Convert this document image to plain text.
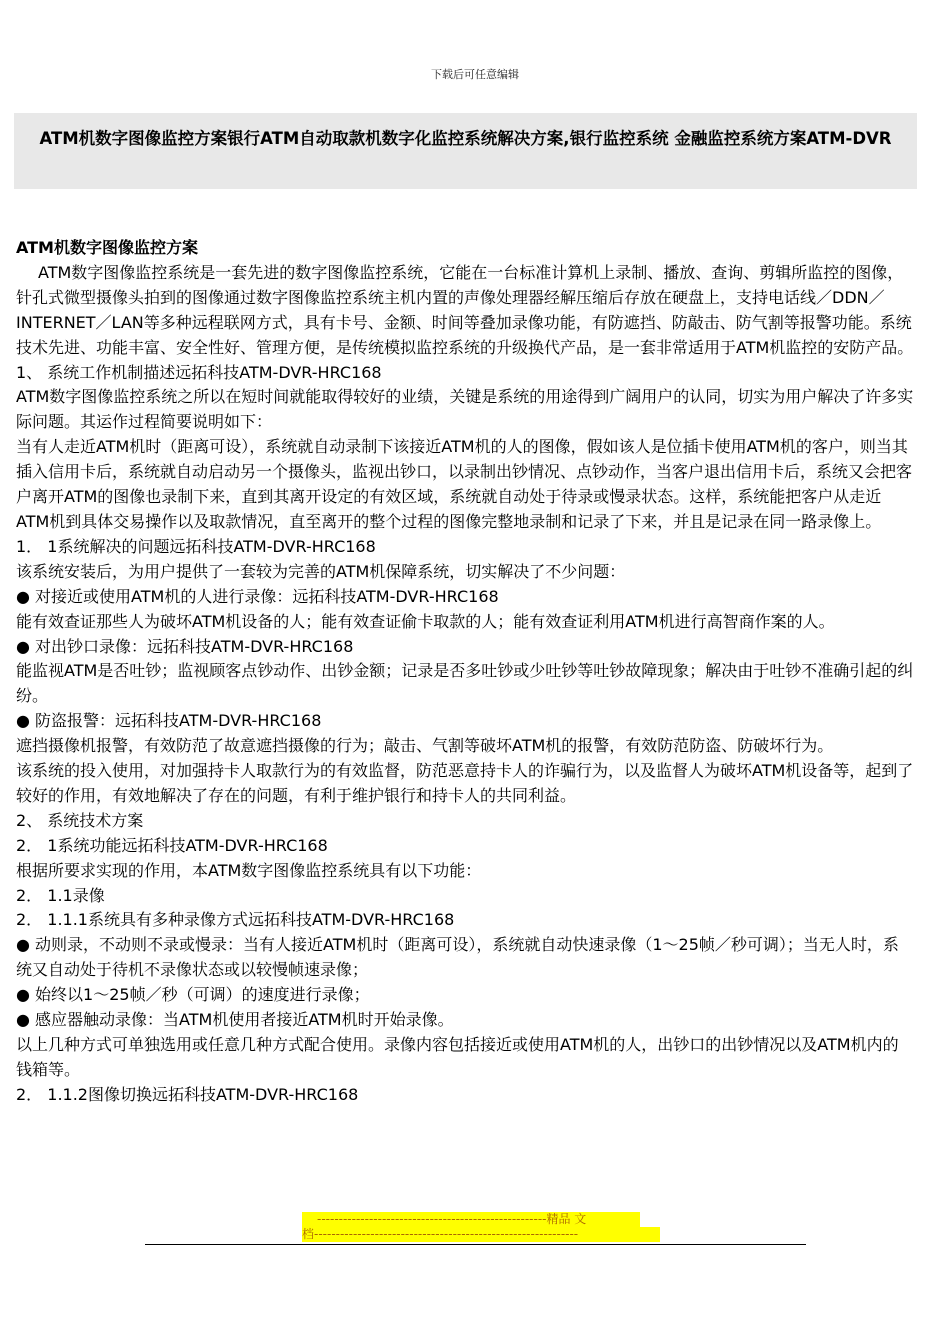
下载后可任意编辑
ATM机数字图像监控方案银行ATM自动取款机数字化监控系统解决方案,银行监控系统 金融监控系统方案ATM-DVR

ATM机数字图像监控方案

ATM数字图像监控系统是一套先进的数字图像监控系统，它能在一台标准计算机上录制、播放、查询、剪辑所监控的图像，针孔式微型摄像头拍到的图像通过数字图像监控系统主机内置的声像处理器经解压缩后存放在硬盘上，支持电话线／DDN／INTERNET／LAN等多种远程联网方式，具有卡号、金额、时间等叠加录像功能，有防遮挡、防敲击、防气割等报警功能。系统技术先进、功能丰富、安全性好、管理方便，是传统模拟监控系统的升级换代产品，是一套非常适用于ATM机监控的安防产品。

1、 系统工作机制描述远拓科技ATM-DVR-HRC168

ATM数字图像监控系统之所以在短时间就能取得较好的业绩，关键是系统的用途得到广阔用户的认同，切实为用户解决了许多实际问题。其运作过程简要说明如下：

当有人走近ATM机时（距离可设），系统就自动录制下该接近ATM机的人的图像，假如该人是位插卡使用ATM机的客户，则当其插入信用卡后，系统就自动启动另一个摄像头，监视出钞口，以录制出钞情况、点钞动作，当客户退出信用卡后，系统又会把客户离开ATM的图像也录制下来，直到其离开设定的有效区域，系统就自动处于待录或慢录状态。这样，系统能把客户从走近ATM机到具体交易操作以及取款情况，直至离开的整个过程的图像完整地录制和记录了下来，并且是记录在同一路录像上。

1． 1系统解决的问题远拓科技ATM-DVR-HRC168

该系统安装后，为用户提供了一套较为完善的ATM机保障系统，切实解决了不少问题：

● 对接近或使用ATM机的人进行录像：远拓科技ATM-DVR-HRC168

能有效查证那些人为破坏ATM机设备的人；能有效查证偷卡取款的人；能有效查证利用ATM机进行高智商作案的人。

● 对出钞口录像：远拓科技ATM-DVR-HRC168

能监视ATM是否吐钞；监视顾客点钞动作、出钞金额；记录是否多吐钞或少吐钞等吐钞故障现象；解决由于吐钞不准确引起的纠纷。

● 防盗报警：远拓科技ATM-DVR-HRC168

遮挡摄像机报警，有效防范了故意遮挡摄像的行为；敲击、气割等破坏ATM机的报警，有效防范防盗、防破坏行为。

该系统的投入使用，对加强持卡人取款行为的有效监督，防范恶意持卡人的诈骗行为，以及监督人为破坏ATM机设备等，起到了较好的作用，有效地解决了存在的问题，有利于维护银行和持卡人的共同利益。

2、 系统技术方案

2． 1系统功能远拓科技ATM-DVR-HRC168

根据所要求实现的作用，本ATM数字图像监控系统具有以下功能：

2． 1.1录像

2． 1.1.1系统具有多种录像方式远拓科技ATM-DVR-HRC168

● 动则录，不动则不录或慢录：当有人接近ATM机时（距离可设），系统就自动快速录像（1～25帧／秒可调）；当无人时，系统又自动处于待机不录像状态或以较慢帧速录像；

● 始终以1～25帧／秒（可调）的速度进行录像；

● 感应器触动录像：当ATM机使用者接近ATM机时开始录像。

以上几种方式可单独选用或任意几种方式配合使用。录像内容包括接近或使用ATM机的人，出钞口的出钞情况以及ATM机内的钱箱等。

2． 1.1.2图像切换远拓科技ATM-DVR-HRC168

-----------------------------------------------------精品 文
档-------------------------------------------------------------
